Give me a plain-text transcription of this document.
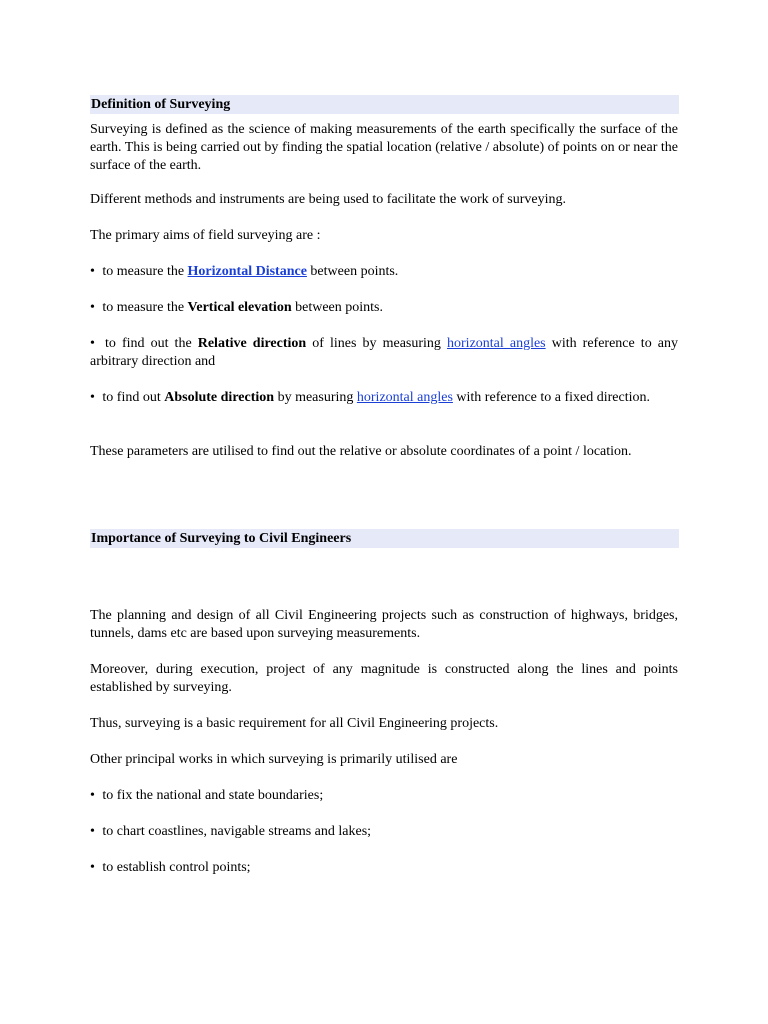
Definition of Surveying
Surveying is defined as the science of making measurements of the earth specifically the surface of the earth. This is being carried out by finding the spatial location (relative / absolute) of points on or near the surface of the earth.
Different methods and instruments are being used to facilitate the work of surveying.
The primary aims of field surveying are :
• to measure the Horizontal Distance between points.
• to measure the Vertical elevation between points.
• to find out the Relative direction of lines by measuring horizontal angles with reference to any arbitrary direction and
• to find out Absolute direction by measuring horizontal angles with reference to a fixed direction.
These parameters are utilised to find out the relative or absolute coordinates of a point / location.
Importance of Surveying to Civil Engineers
The planning and design of all Civil Engineering projects such as construction of highways, bridges, tunnels, dams etc are based upon surveying measurements.
Moreover, during execution, project of any magnitude is constructed along the lines and points established by surveying.
Thus, surveying is a basic requirement for all Civil Engineering projects.
Other principal works in which surveying is primarily utilised are
• to fix the national and state boundaries;
• to chart coastlines, navigable streams and lakes;
• to establish control points;
